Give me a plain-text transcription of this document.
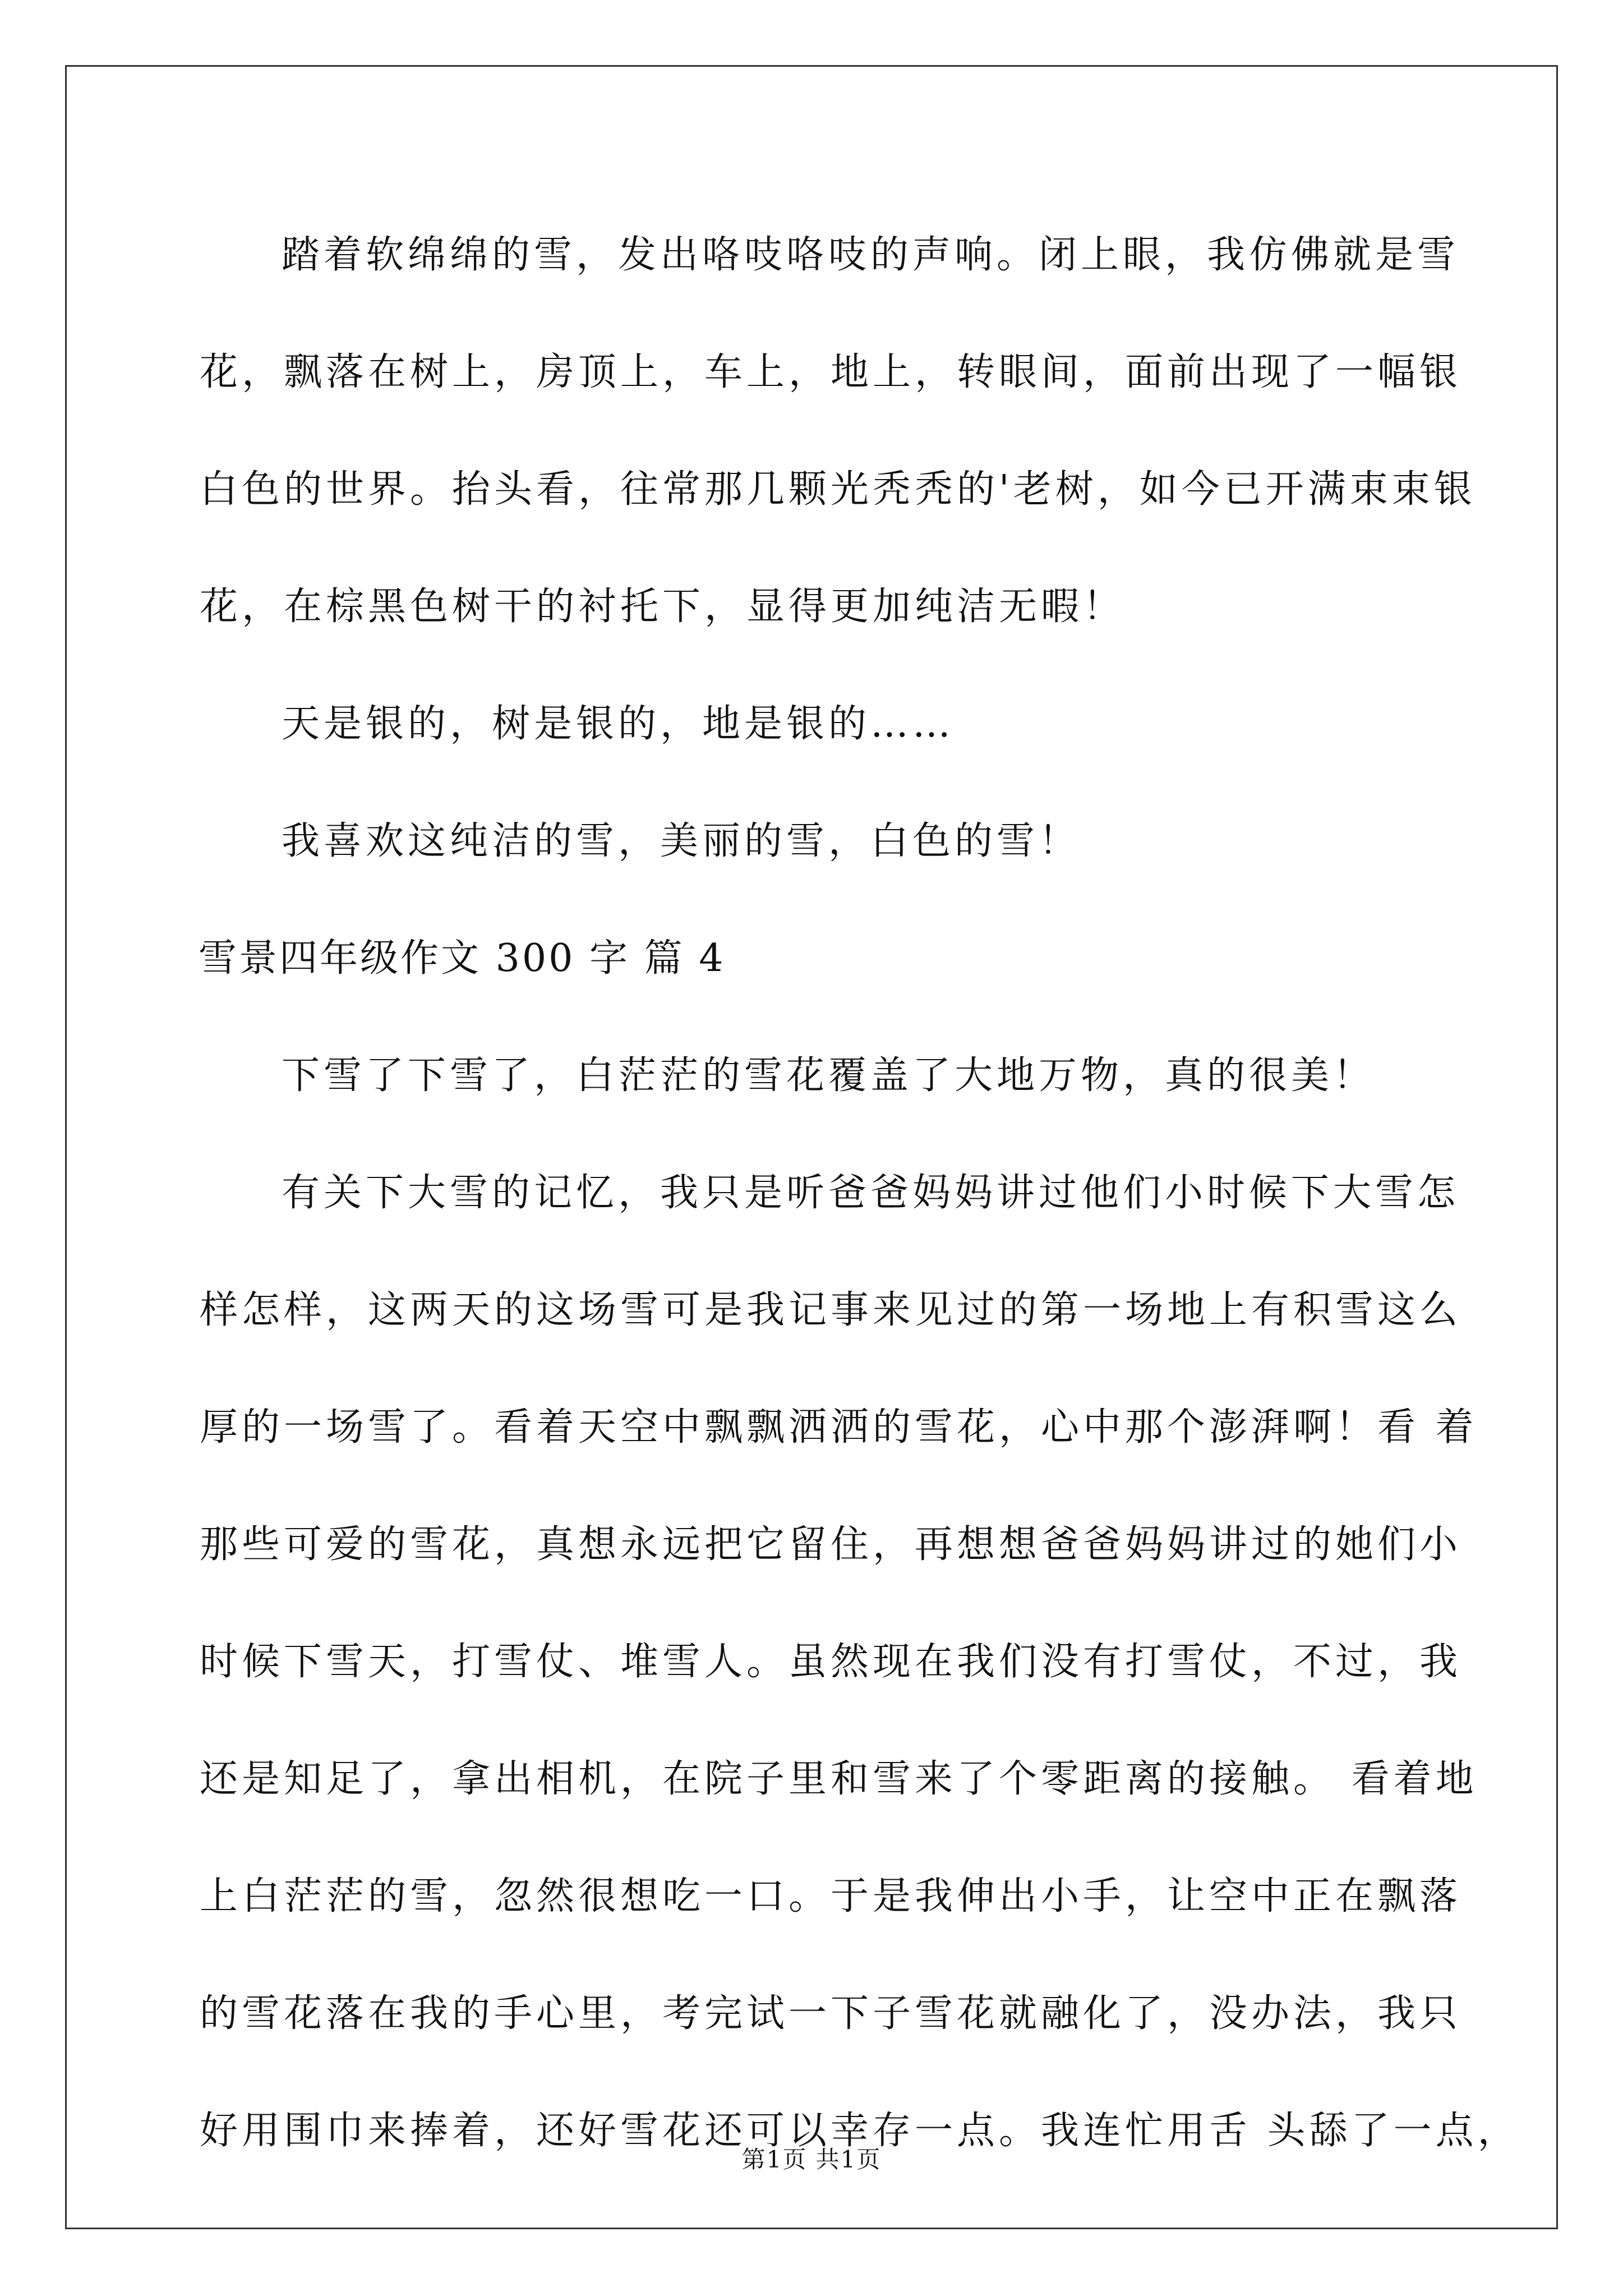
踏着软绵绵的雪，发出咯吱咯吱的声响。闭上眼，我仿佛就是雪
花，飘落在树上，房顶上，车上，地上，转眼间，面前出现了一幅银
白色的世界。抬头看，往常那几颗光秃秃的'老树，如今已开满束束银
花，在棕黑色树干的衬托下，显得更加纯洁无暇！
天是银的，树是银的，地是银的……
我喜欢这纯洁的雪，美丽的雪，白色的雪！
雪景四年级作文 300 字 篇 4
下雪了下雪了，白茫茫的雪花覆盖了大地万物，真的很美！
有关下大雪的记忆，我只是听爸爸妈妈讲过他们小时候下大雪怎
样怎样，这两天的这场雪可是我记事来见过的第一场地上有积雪这么
厚的一场雪了。看着天空中飘飘洒洒的雪花，心中那个澎湃啊！看 着
那些可爱的雪花，真想永远把它留住，再想想爸爸妈妈讲过的她们小
时候下雪天，打雪仗、堆雪人。虽然现在我们没有打雪仗，不过，我
还是知足了，拿出相机，在院子里和雪来了个零距离的接触。 看着地
上白茫茫的雪，忽然很想吃一口。于是我伸出小手，让空中正在飘落
的雪花落在我的手心里，考完试一下子雪花就融化了，没办法，我只
好用围巾来捧着，还好雪花还可以幸存一点。我连忙用舌 头舔了一点，
第1页 共1页
